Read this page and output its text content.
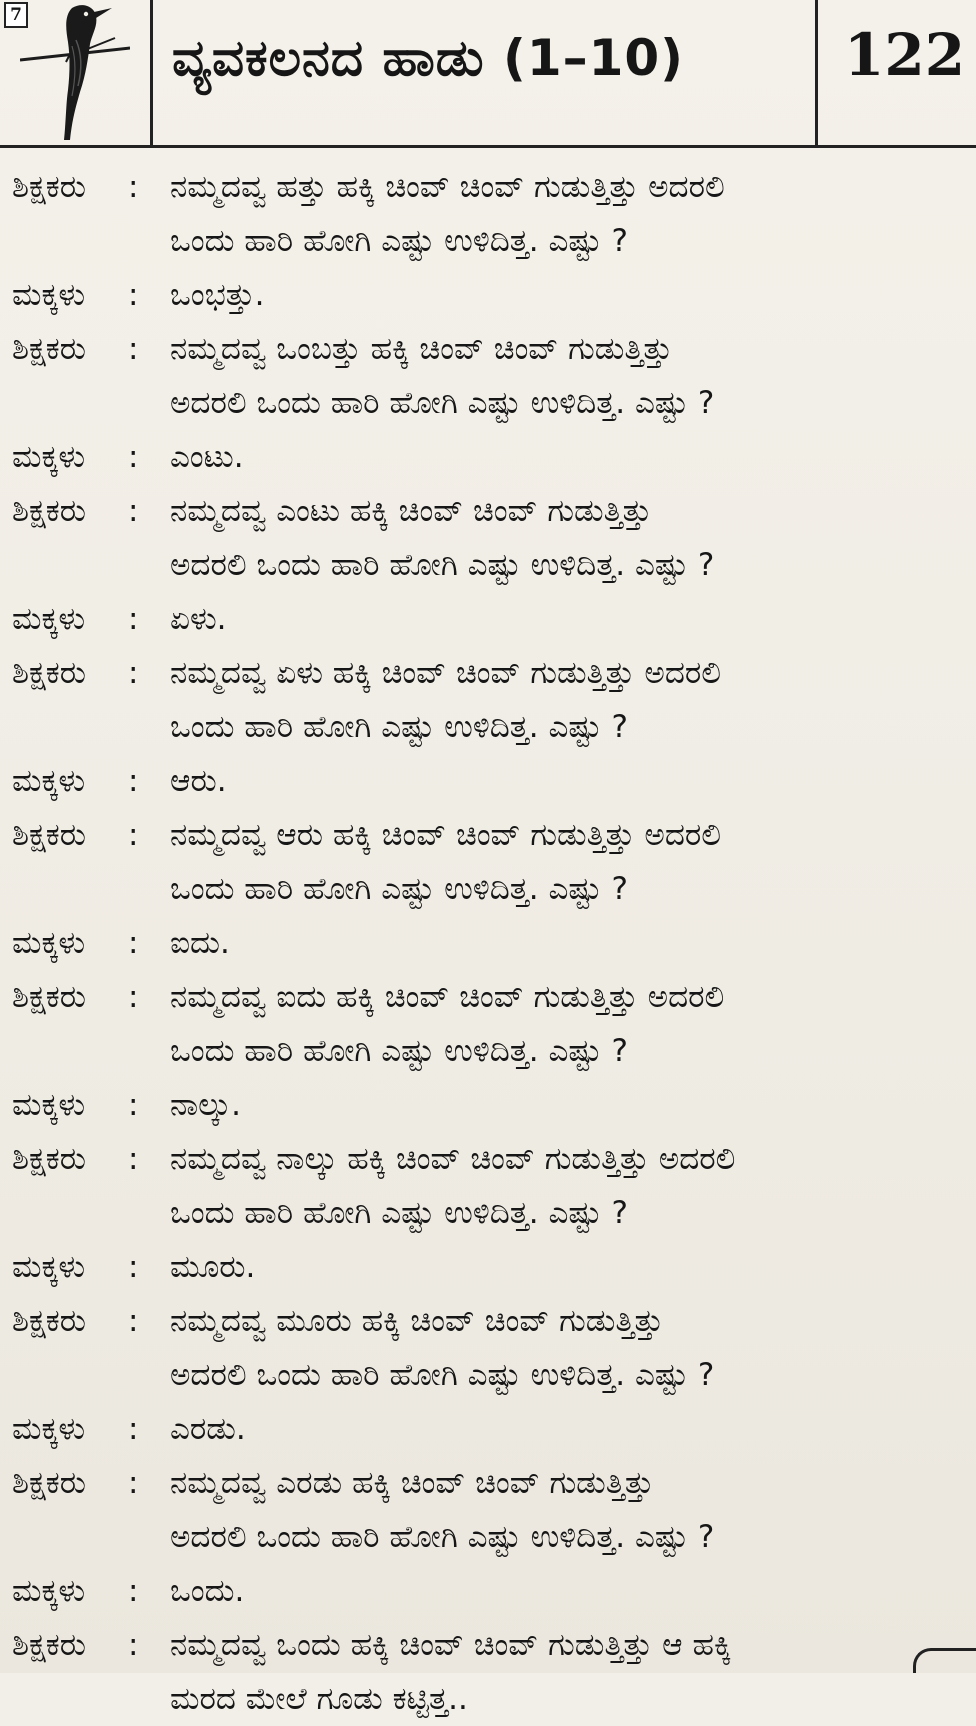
7
ವ್ಯವಕಲನದ ಹಾಡು (1–10)	122
ಶಿಕ್ಷಕರು	: ನಮ್ಮದವ್ವ ಹತ್ತು ಹಕ್ಕಿ ಚಿಂವ್ ಚಿಂವ್ ಗುಡುತ್ತಿತ್ತು ಅದರಲಿ
ಒಂದು ಹಾರಿ ಹೋಗಿ ಎಷ್ಟು ಉಳಿದಿತ್ತ. ಎಷ್ಟು ?
ಮಕ್ಕಳು	: ಒಂಭತ್ತು.
ಶಿಕ್ಷಕರು	: ನಮ್ಮದವ್ವ ಒಂಬತ್ತು ಹಕ್ಕಿ ಚಿಂವ್ ಚಿಂವ್ ಗುಡುತ್ತಿತ್ತು
ಅದರಲಿ ಒಂದು ಹಾರಿ ಹೋಗಿ ಎಷ್ಟು ಉಳಿದಿತ್ತ. ಎಷ್ಟು ?
ಮಕ್ಕಳು	: ಎಂಟು.
ಶಿಕ್ಷಕರು	: ನಮ್ಮದವ್ವ ಎಂಟು ಹಕ್ಕಿ ಚಿಂವ್ ಚಿಂವ್ ಗುಡುತ್ತಿತ್ತು
ಅದರಲಿ ಒಂದು ಹಾರಿ ಹೋಗಿ ಎಷ್ಟು ಉಳಿದಿತ್ತ. ಎಷ್ಟು ?
ಮಕ್ಕಳು	: ಏಳು.
ಶಿಕ್ಷಕರು	: ನಮ್ಮದವ್ವ ಏಳು ಹಕ್ಕಿ ಚಿಂವ್ ಚಿಂವ್ ಗುಡುತ್ತಿತ್ತು ಅದರಲಿ
ಒಂದು ಹಾರಿ ಹೋಗಿ ಎಷ್ಟು ಉಳಿದಿತ್ತ. ಎಷ್ಟು ?
ಮಕ್ಕಳು	: ಆರು.
ಶಿಕ್ಷಕರು	: ನಮ್ಮದವ್ವ ಆರು ಹಕ್ಕಿ ಚಿಂವ್ ಚಿಂವ್ ಗುಡುತ್ತಿತ್ತು ಅದರಲಿ
ಒಂದು ಹಾರಿ ಹೋಗಿ ಎಷ್ಟು ಉಳಿದಿತ್ತ. ಎಷ್ಟು ?
ಮಕ್ಕಳು	: ಐದು.
ಶಿಕ್ಷಕರು	: ನಮ್ಮದವ್ವ ಐದು ಹಕ್ಕಿ ಚಿಂವ್ ಚಿಂವ್ ಗುಡುತ್ತಿತ್ತು ಅದರಲಿ
ಒಂದು ಹಾರಿ ಹೋಗಿ ಎಷ್ಟು ಉಳಿದಿತ್ತ. ಎಷ್ಟು ?
ಮಕ್ಕಳು	: ನಾಲ್ಕು.
ಶಿಕ್ಷಕರು	: ನಮ್ಮದವ್ವ ನಾಲ್ಕು ಹಕ್ಕಿ ಚಿಂವ್ ಚಿಂವ್ ಗುಡುತ್ತಿತ್ತು ಅದರಲಿ
ಒಂದು ಹಾರಿ ಹೋಗಿ ಎಷ್ಟು ಉಳಿದಿತ್ತ. ಎಷ್ಟು ?
ಮಕ್ಕಳು	: ಮೂರು.
ಶಿಕ್ಷಕರು	: ನಮ್ಮದವ್ವ ಮೂರು ಹಕ್ಕಿ ಚಿಂವ್ ಚಿಂವ್ ಗುಡುತ್ತಿತ್ತು
ಅದರಲಿ ಒಂದು ಹಾರಿ ಹೋಗಿ ಎಷ್ಟು ಉಳಿದಿತ್ತ. ಎಷ್ಟು ?
ಮಕ್ಕಳು	: ಎರಡು.
ಶಿಕ್ಷಕರು	: ನಮ್ಮದವ್ವ ಎರಡು ಹಕ್ಕಿ ಚಿಂವ್ ಚಿಂವ್ ಗುಡುತ್ತಿತ್ತು
ಅದರಲಿ ಒಂದು ಹಾರಿ ಹೋಗಿ ಎಷ್ಟು ಉಳಿದಿತ್ತ. ಎಷ್ಟು ?
ಮಕ್ಕಳು	: ಒಂದು.
ಶಿಕ್ಷಕರು	: ನಮ್ಮದವ್ವ ಒಂದು ಹಕ್ಕಿ ಚಿಂವ್ ಚಿಂವ್ ಗುಡುತ್ತಿತ್ತು ಆ ಹಕ್ಕಿ
ಮರದ ಮೇಲೆ ಗೂಡು ಕಟ್ಟಿತ್ತ..
